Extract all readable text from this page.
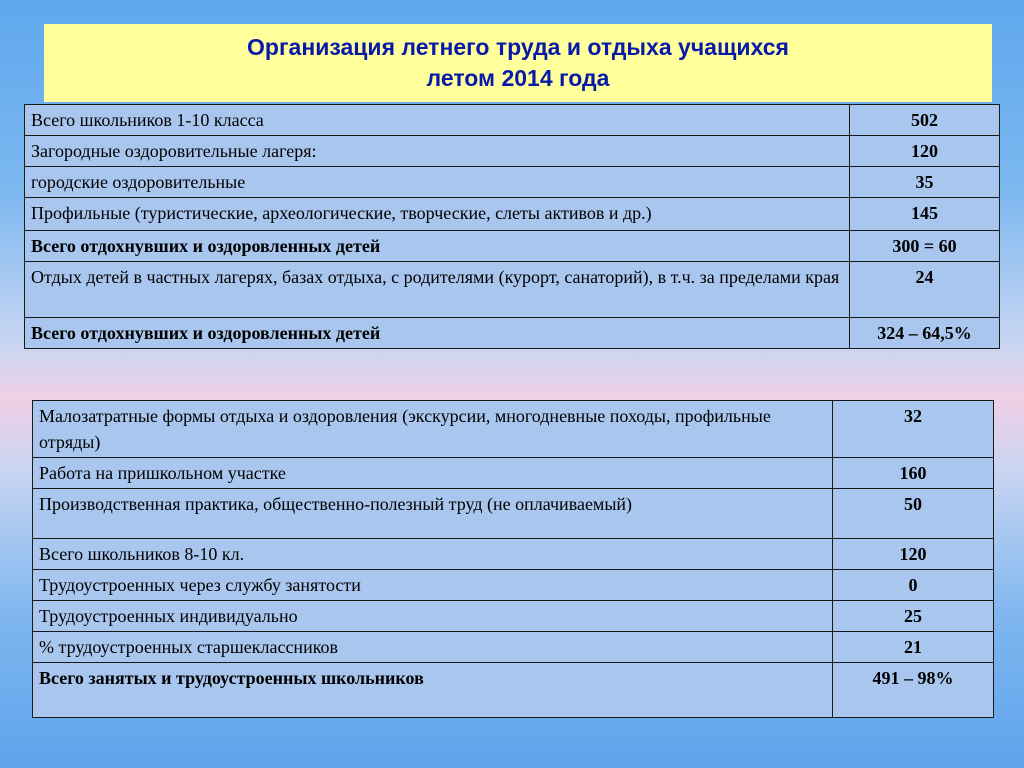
Организация летнего труда и отдыха учащихся
летом 2014 года
Всего школьников 1-10 класса	502
Загородные оздоровительные лагеря:	120
городские оздоровительные	35
Профильные (туристические, археологические, творческие, слеты активов и др.)	145
Всего отдохнувших и оздоровленных детей	300 = 60
Отдых детей в частных лагерях, базах отдыха, с родителями (курорт, санаторий), в т.ч. за пределами края	24
Всего отдохнувших и оздоровленных детей	324 – 64,5%
Малозатратные формы отдыха и оздоровления (экскурсии, многодневные походы, профильные отряды)	32
Работа на пришкольном участке	160
Производственная практика, общественно-полезный труд (не оплачиваемый)	50
Всего школьников 8-10 кл.	120
Трудоустроенных через службу занятости	0
Трудоустроенных индивидуально	25
% трудоустроенных старшеклассников	21
Всего занятых и трудоустроенных школьников	491 – 98%
